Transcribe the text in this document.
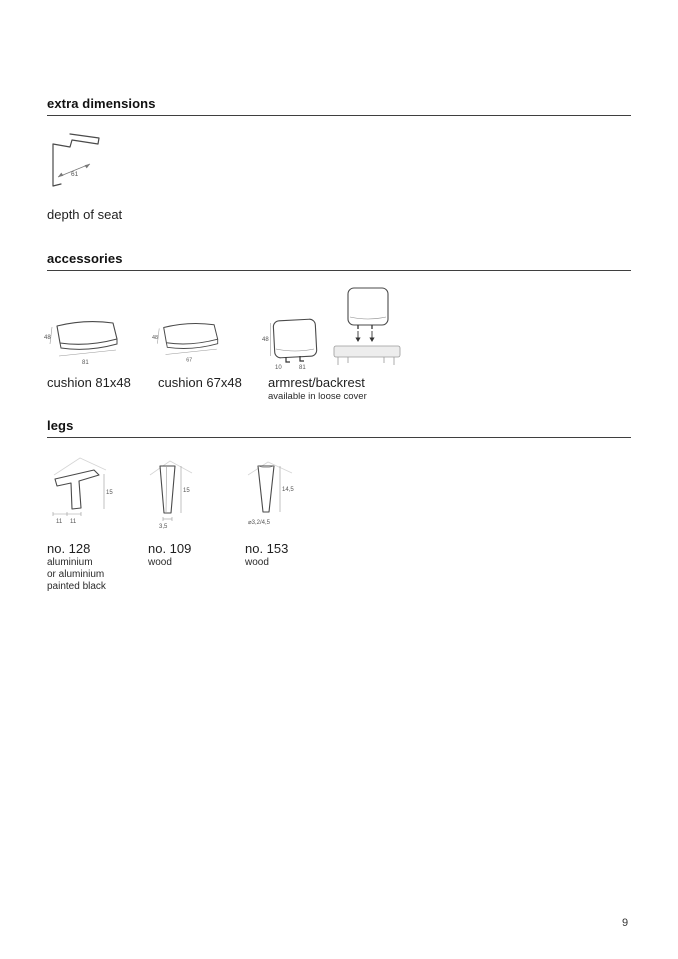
extra dimensions
61
depth of seat
accessories
48
81
48
67
48
10	81
cushion 81x48 cushion 67x48 armrest/backrest
available in loose cover
legs
15
11 11
15
3,5
14,5
⌀3,2/4,5
no. 128	no. 109	no. 153
aluminium
or aluminium
painted black
wood	wood
9
